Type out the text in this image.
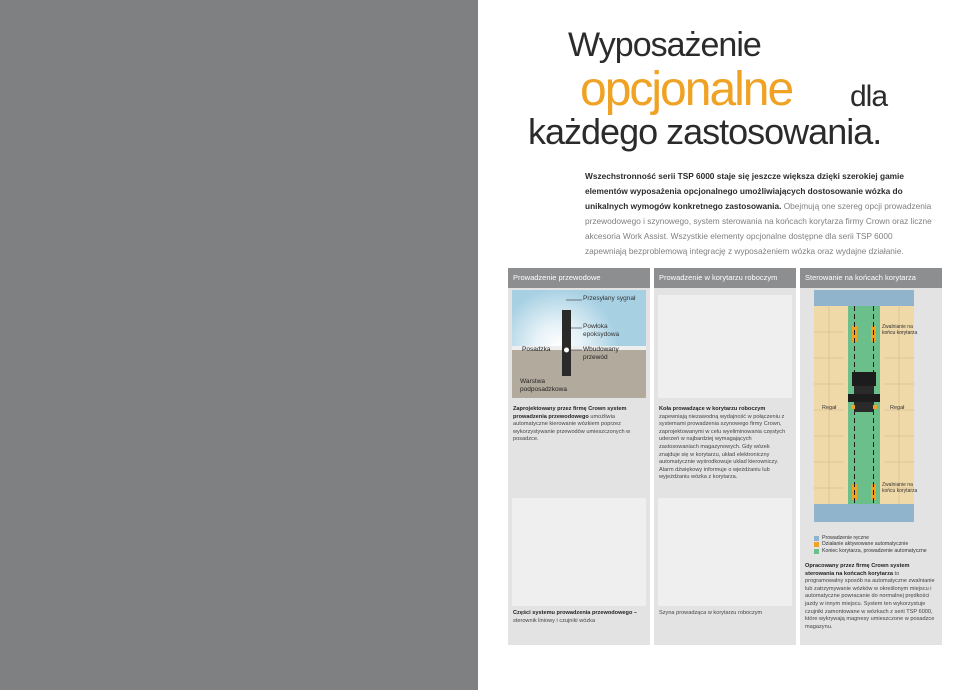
Wyposażenie
opcjonalne dla
każdego zastosowania.
Wszechstronność serii TSP 6000 staje się jeszcze większa dzięki szerokiej gamie elementów wyposażenia opcjonalnego umożliwiających dostosowanie wózka do unikalnych wymogów konkretnego zastosowania. Obejmują one szereg opcji prowadzenia przewodowego i szynowego, system sterowania na końcach korytarza firmy Crown oraz liczne akcesoria Work Assist. Wszystkie elementy opcjonalne dostępne dla serii TSP 6000 zapewniają bezproblemową integrację z wyposażeniem wózka oraz wydajne działanie.
Prowadzenie przewodowe
Przesyłany sygnał
Powłoka epoksydowa
Posadzka	Wbudowany przewód
Warstwa podposadzkowa
Zaprojektowany przez firmę Crown system prowadzenia przewodowego umożliwia automatyczne kierowanie wózkiem poprzez wykorzystywanie przewodów umieszczonych w posadzce.
Części systemu prowadzenia przewodowego –
sterownik liniowy i czujniki wózka
Prowadzenie w korytarzu roboczym
Koła prowadzące w korytarzu roboczym zapewniają niezawodną wydajność w połączeniu z systemami prowadzenia szynowego firmy Crown, zaprojektowanymi w celu wyeliminowania częstych uderzeń w najbardziej wymagających zastosowaniach magazynowych. Gdy wózek znajduje się w korytarzu, układ elektroniczny automatycznie wyśrodkowuje układ kierowniczy. Alarm dźwiękowy informuje o wjeżdżaniu lub wyjeżdżaniu wózka z korytarza.
Szyna prowadząca w korytarzu roboczym
Sterowanie na końcach korytarza
Zwalnianie na końcu korytarza
Regał	Regał
Zwalnianie na końcu korytarza
Opracowany przez firmę Crown system sterowania na końcach korytarza to programowalny sposób na automatyczne zwalnianie lub zatrzymywanie wózków w określonym miejscu i automatyczne powracanie do normalnej prędkości jazdy w innym miejscu. System ten wykorzystuje czujniki zamontowane w wózkach z serii TSP 6000, które wykrywają magnesy umieszczone w posadzce magazynu.
Prowadzenie ręczne
Działanie aktywowane automatycznie
Koniec korytarza, prowadzenie automatyczne
